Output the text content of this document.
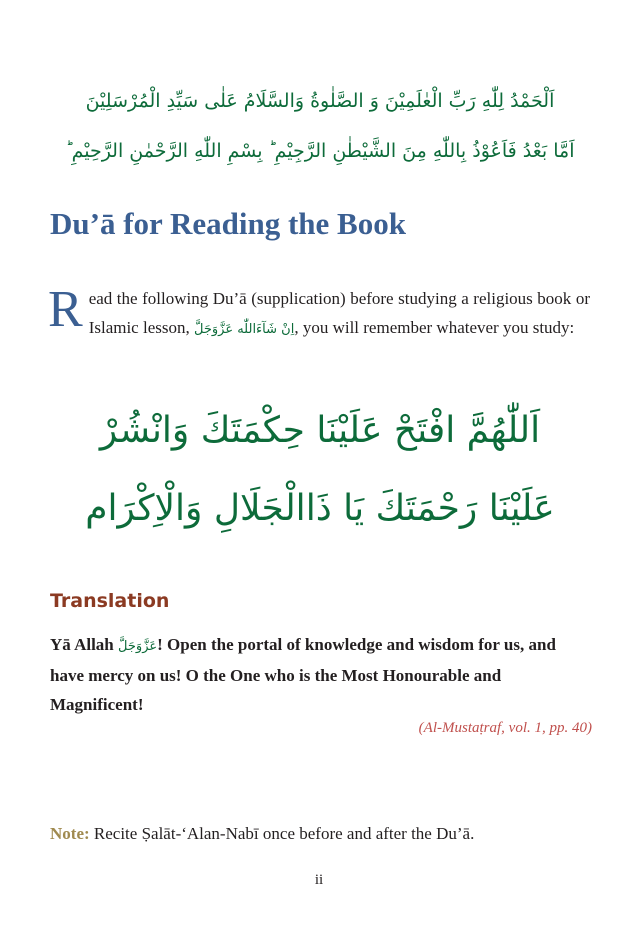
اَلْحَمْدُ لِلّٰهِ رَبِّ الْعٰلَمِيْنَ وَ الصَّلٰوةُ وَالسَّلَامُ عَلٰى سَيِّدِ الْمُرْسَلِيْنَ
اَمَّا بَعْدُ فَاَعُوْذُ بِاللّٰهِ مِنَ الشَّيْطٰنِ الرَّجِيْمِ ؕ بِسْمِ اللّٰهِ الرَّحْمٰنِ الرَّحِيْمِ ؕ
Du’ā for Reading the Book
Read the following Du’ā (supplication) before studying a religious book or Islamic lesson, اِنْ شَآءَاللّٰه عَزَّوَجَلَّ, you will remember whatever you study:
اَللّٰهُمَّ افْتَحْ عَلَيْنَا حِكْمَتَكَ وَانْشُرْ
عَلَيْنَا رَحْمَتَكَ يَا ذَاالْجَلَالِ وَالْاِكْرَام
Translation
Yā Allah عَزَّوَجَلَّ! Open the portal of knowledge and wisdom for us, and have mercy on us! O the One who is the Most Honourable and Magnificent!
(Al-Mustaṭraf, vol. 1, pp. 40)
Note: Recite Ṣalāt-‘Alan-Nabī once before and after the Du’ā.
ii
